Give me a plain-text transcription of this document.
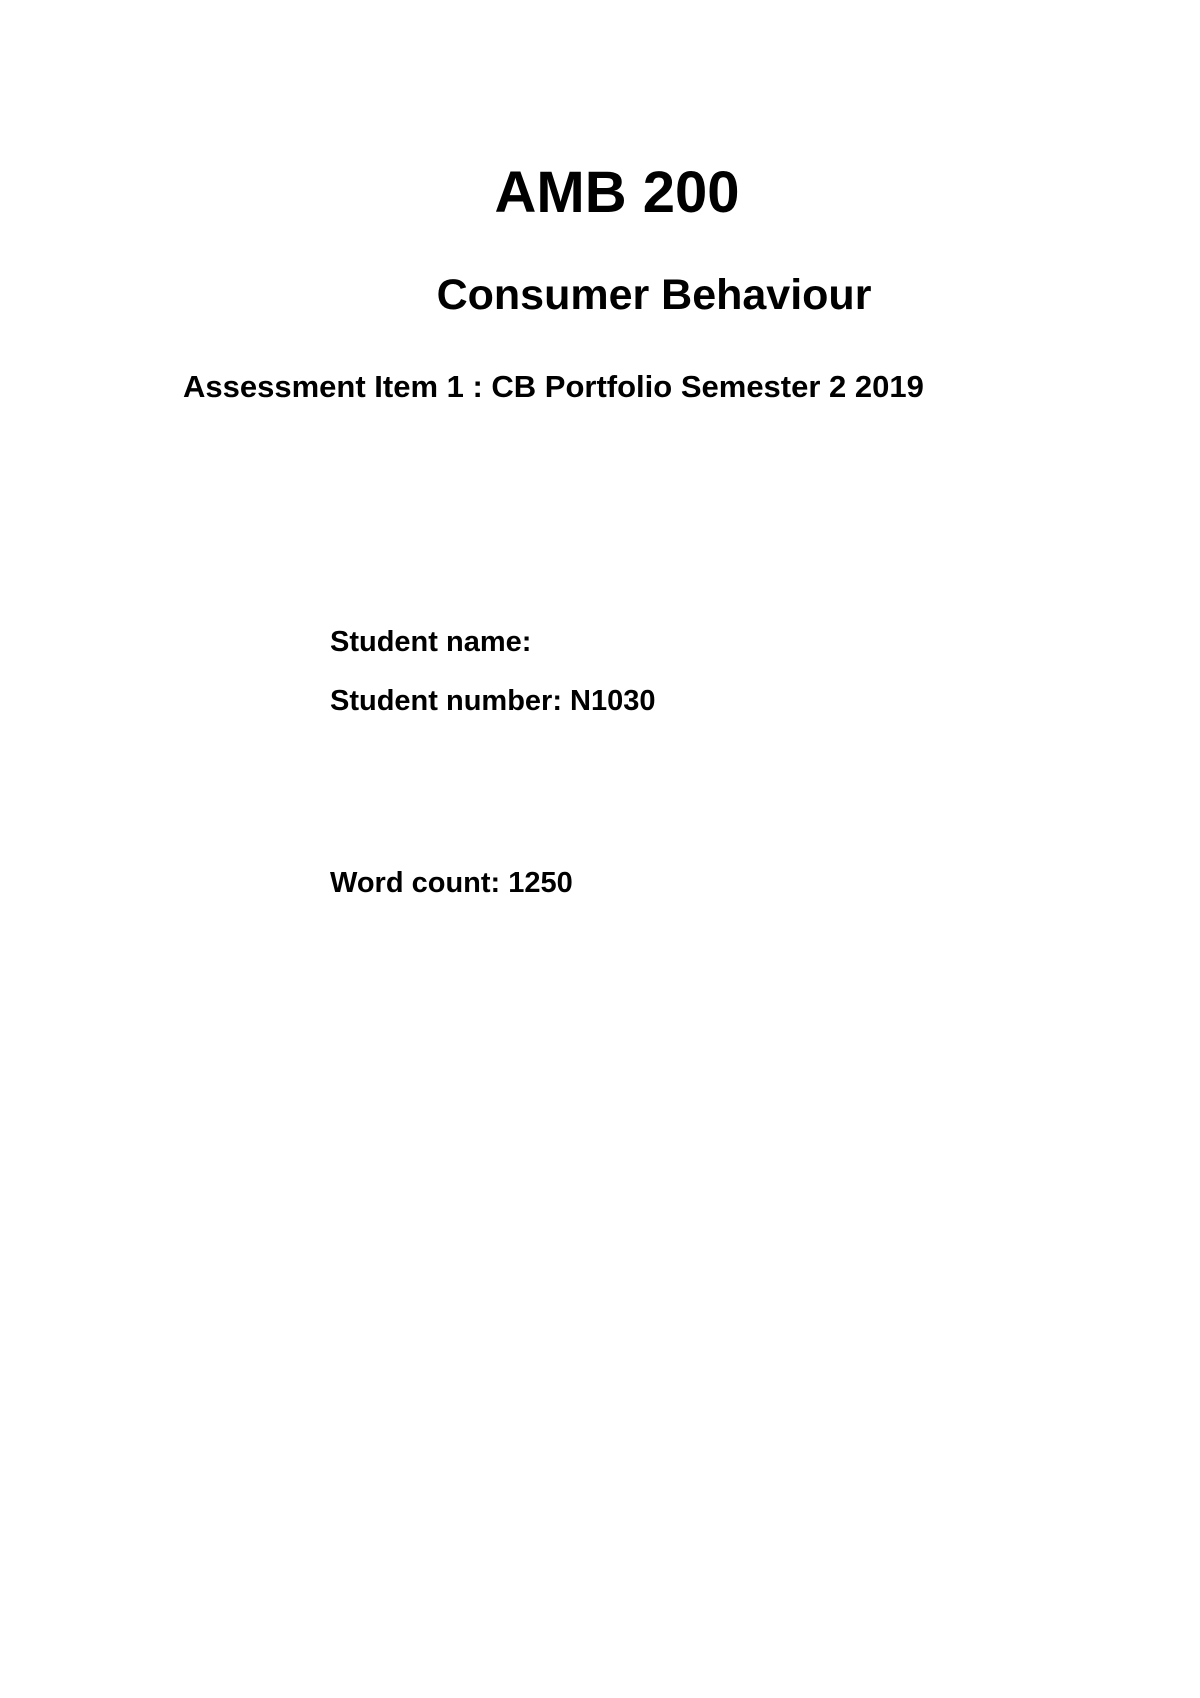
AMB 200
Consumer Behaviour
Assessment Item 1 : CB Portfolio Semester 2 2019
Student name:
Student number: N1030
Word count: 1250
